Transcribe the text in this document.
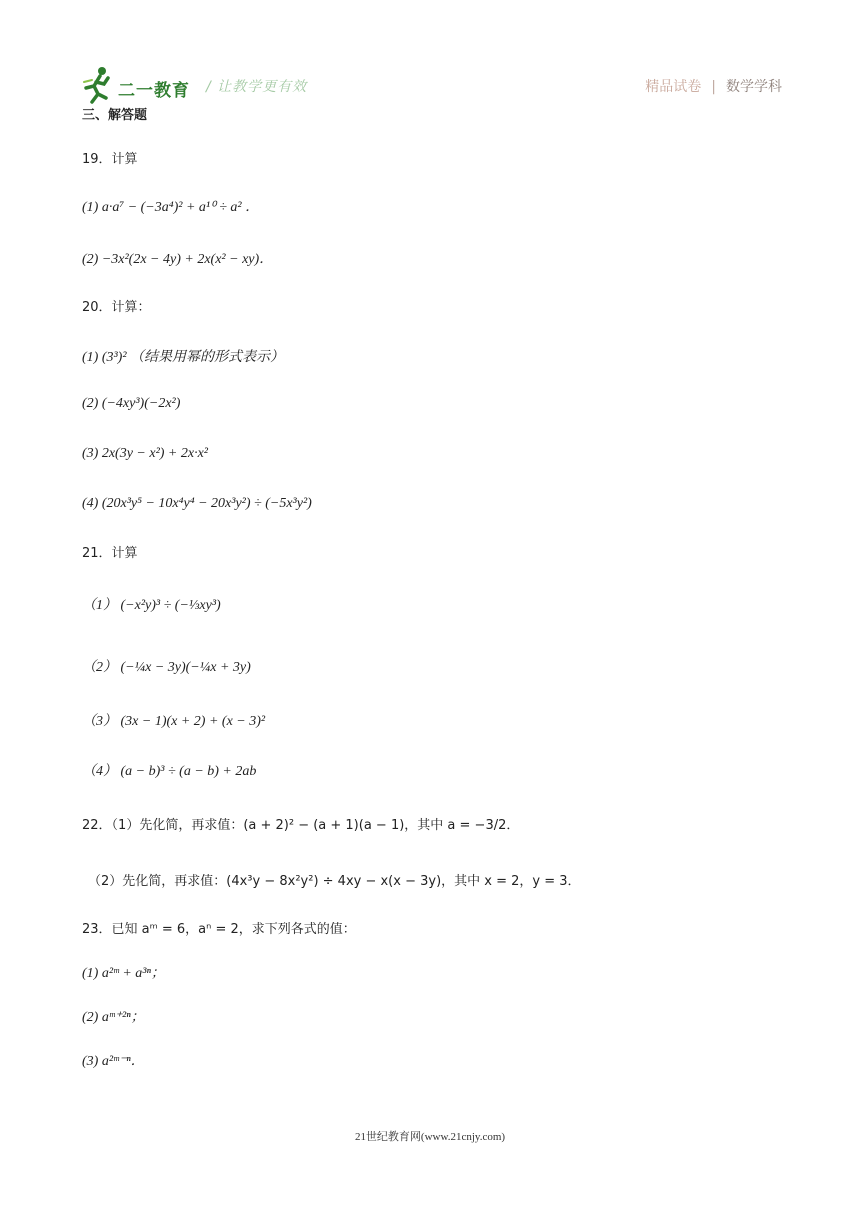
二一教育 / 让教学更有效	精品试卷 | 数学学科
三、解答题
19．计算
(1) a·a⁷ − (−3a⁴)² + a¹⁰ ÷ a² ．
(2) −3x²(2x − 4y) + 2x(x² − xy)．
20．计算：
(1) (3³)² （结果用幂的形式表示）
(2) (−4xy³)(−2x²)
(3) 2x(3y − x²) + 2x·x²
(4) (20x³y⁵ − 10x⁴y⁴ − 20x³y²) ÷ (−5x³y²)
21．计算
（1） (−x²y)³ ÷ (−⅓xy³)
（2） (−¼x − 3y)(−¼x + 3y)
（3） (3x − 1)(x + 2) + (x − 3)²
（4） (a − b)³ ÷ (a − b) + 2ab
22．（1）先化简，再求值：(a + 2)² − (a + 1)(a − 1)，其中 a = −3/2．
（2）先化简，再求值：(4x³y − 8x²y²) ÷ 4xy − x(x − 3y)，其中 x = 2，y = 3．
23．已知 aᵐ = 6，aⁿ = 2，求下列各式的值：
(1) a²ᵐ + a³ⁿ；
(2) aᵐ⁺²ⁿ；
(3) a²ᵐ⁻ⁿ．
21世纪教育网(www.21cnjy.com)
